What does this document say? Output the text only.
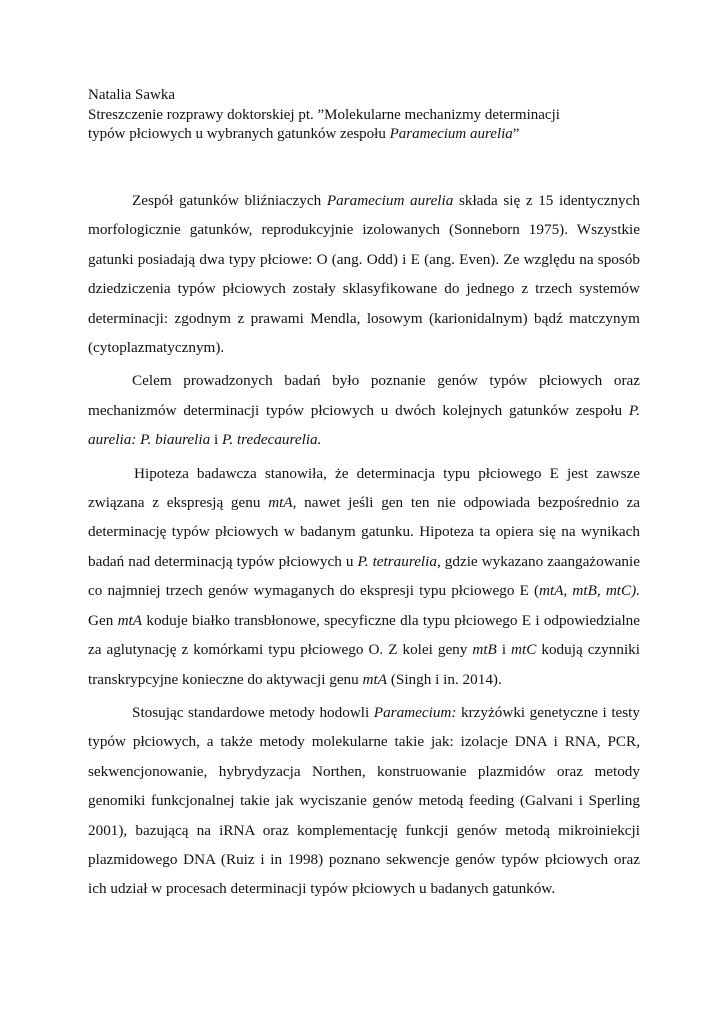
Natalia Sawka
Streszczenie rozprawy doktorskiej pt. ”Molekularne mechanizmy determinacji
typów płciowych u wybranych gatunków zespołu Paramecium aurelia”

Zespół gatunków bliźniaczych Paramecium aurelia składa się z 15 identycznych morfologicznie gatunków, reprodukcyjnie izolowanych (Sonneborn 1975). Wszystkie gatunki posiadają dwa typy płciowe: O (ang. Odd) i E (ang. Even). Ze względu na sposób dziedziczenia typów płciowych zostały sklasyfikowane do jednego z trzech systemów determinacji: zgodnym z prawami Mendla, losowym (karionidalnym) bądź matczynym (cytoplazmatycznym).

Celem prowadzonych badań było poznanie genów typów płciowych oraz mechanizmów determinacji typów płciowych u dwóch kolejnych gatunków zespołu P. aurelia: P. biaurelia i P. tredecaurelia.

Hipoteza badawcza stanowiła, że determinacja typu płciowego E jest zawsze związana z ekspresją genu mtA, nawet jeśli gen ten nie odpowiada bezpośrednio za determinację typów płciowych w badanym gatunku. Hipoteza ta opiera się na wynikach badań nad determinacją typów płciowych u P. tetraurelia, gdzie wykazano zaangażowanie co najmniej trzech genów wymaganych do ekspresji typu płciowego E (mtA, mtB, mtC). Gen mtA koduje białko transbłonowe, specyficzne dla typu płciowego E i odpowiedzialne za aglutynację z komórkami typu płciowego O. Z kolei geny mtB i mtC kodują czynniki transkrypcyjne konieczne do aktywacji genu mtA (Singh i in. 2014).

Stosując standardowe metody hodowli Paramecium: krzyżówki genetyczne i testy typów płciowych, a także metody molekularne takie jak: izolacje DNA i RNA, PCR, sekwencjonowanie, hybrydyzacja Northen, konstruowanie plazmidów oraz metody genomiki funkcjonalnej takie jak wyciszanie genów metodą feeding (Galvani i Sperling 2001), bazującą na iRNA oraz komplementację funkcji genów metodą mikroiniekcji plazmidowego DNA (Ruiz i in 1998) poznano sekwencje genów typów płciowych oraz ich udział w procesach determinacji typów płciowych u badanych gatunków.
